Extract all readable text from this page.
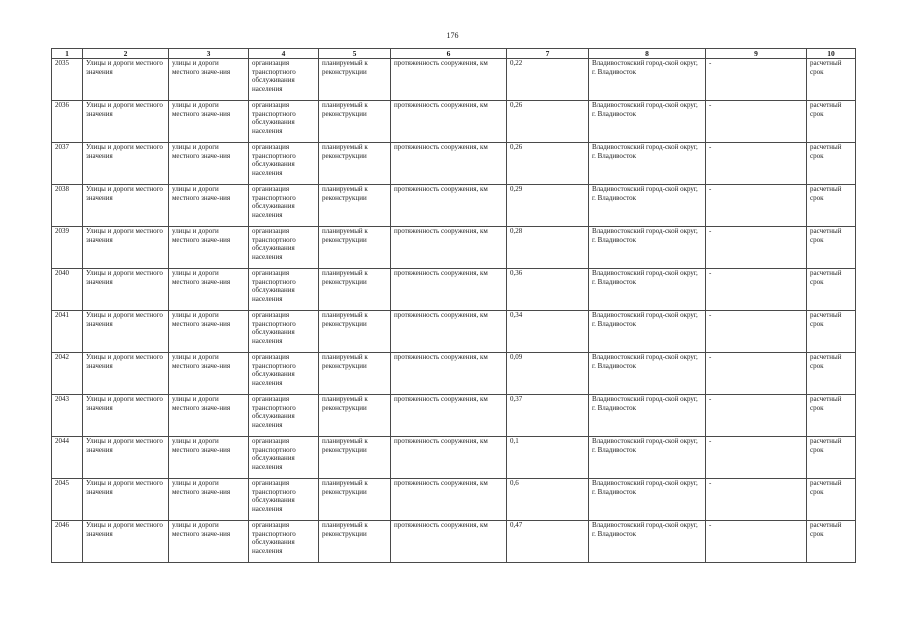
176
1	2	3	4	5	6	7	8	9	10
2035	Улицы и дороги местного значения	улицы и дороги местного значе-ния	организация транспортного обслуживания населения	планируемый к реконструкции	протяженность сооружения, км	0,22	Владивостокский город-ской округ, г. Владивосток	-	расчетный срок
2036	Улицы и дороги местного значения	улицы и дороги местного значе-ния	организация транспортного обслуживания населения	планируемый к реконструкции	протяженность сооружения, км	0,26	Владивостокский город-ской округ, г. Владивосток	-	расчетный срок
2037	Улицы и дороги местного значения	улицы и дороги местного значе-ния	организация транспортного обслуживания населения	планируемый к реконструкции	протяженность сооружения, км	0,26	Владивостокский город-ской округ, г. Владивосток	-	расчетный срок
2038	Улицы и дороги местного значения	улицы и дороги местного значе-ния	организация транспортного обслуживания населения	планируемый к реконструкции	протяженность сооружения, км	0,29	Владивостокский город-ской округ, г. Владивосток	-	расчетный срок
2039	Улицы и дороги местного значения	улицы и дороги местного значе-ния	организация транспортного обслуживания населения	планируемый к реконструкции	протяженность сооружения, км	0,28	Владивостокский город-ской округ, г. Владивосток	-	расчетный срок
2040	Улицы и дороги местного значения	улицы и дороги местного значе-ния	организация транспортного обслуживания населения	планируемый к реконструкции	протяженность сооружения, км	0,36	Владивостокский город-ской округ, г. Владивосток	-	расчетный срок
2041	Улицы и дороги местного значения	улицы и дороги местного значе-ния	организация транспортного обслуживания населения	планируемый к реконструкции	протяженность сооружения, км	0,34	Владивостокский город-ской округ, г. Владивосток	-	расчетный срок
2042	Улицы и дороги местного значения	улицы и дороги местного значе-ния	организация транспортного обслуживания населения	планируемый к реконструкции	протяженность сооружения, км	0,09	Владивостокский город-ской округ, г. Владивосток	-	расчетный срок
2043	Улицы и дороги местного значения	улицы и дороги местного значе-ния	организация транспортного обслуживания населения	планируемый к реконструкции	протяженность сооружения, км	0,37	Владивостокский город-ской округ, г. Владивосток	-	расчетный срок
2044	Улицы и дороги местного значения	улицы и дороги местного значе-ния	организация транспортного обслуживания населения	планируемый к реконструкции	протяженность сооружения, км	0,1	Владивостокский город-ской округ, г. Владивосток	-	расчетный срок
2045	Улицы и дороги местного значения	улицы и дороги местного значе-ния	организация транспортного обслуживания населения	планируемый к реконструкции	протяженность сооружения, км	0,6	Владивостокский город-ской округ, г. Владивосток	-	расчетный срок
2046	Улицы и дороги местного значения	улицы и дороги местного значе-ния	организация транспортного обслуживания населения	планируемый к реконструкции	протяженность сооружения, км	0,47	Владивостокский город-ской округ, г. Владивосток	-	расчетный срок
